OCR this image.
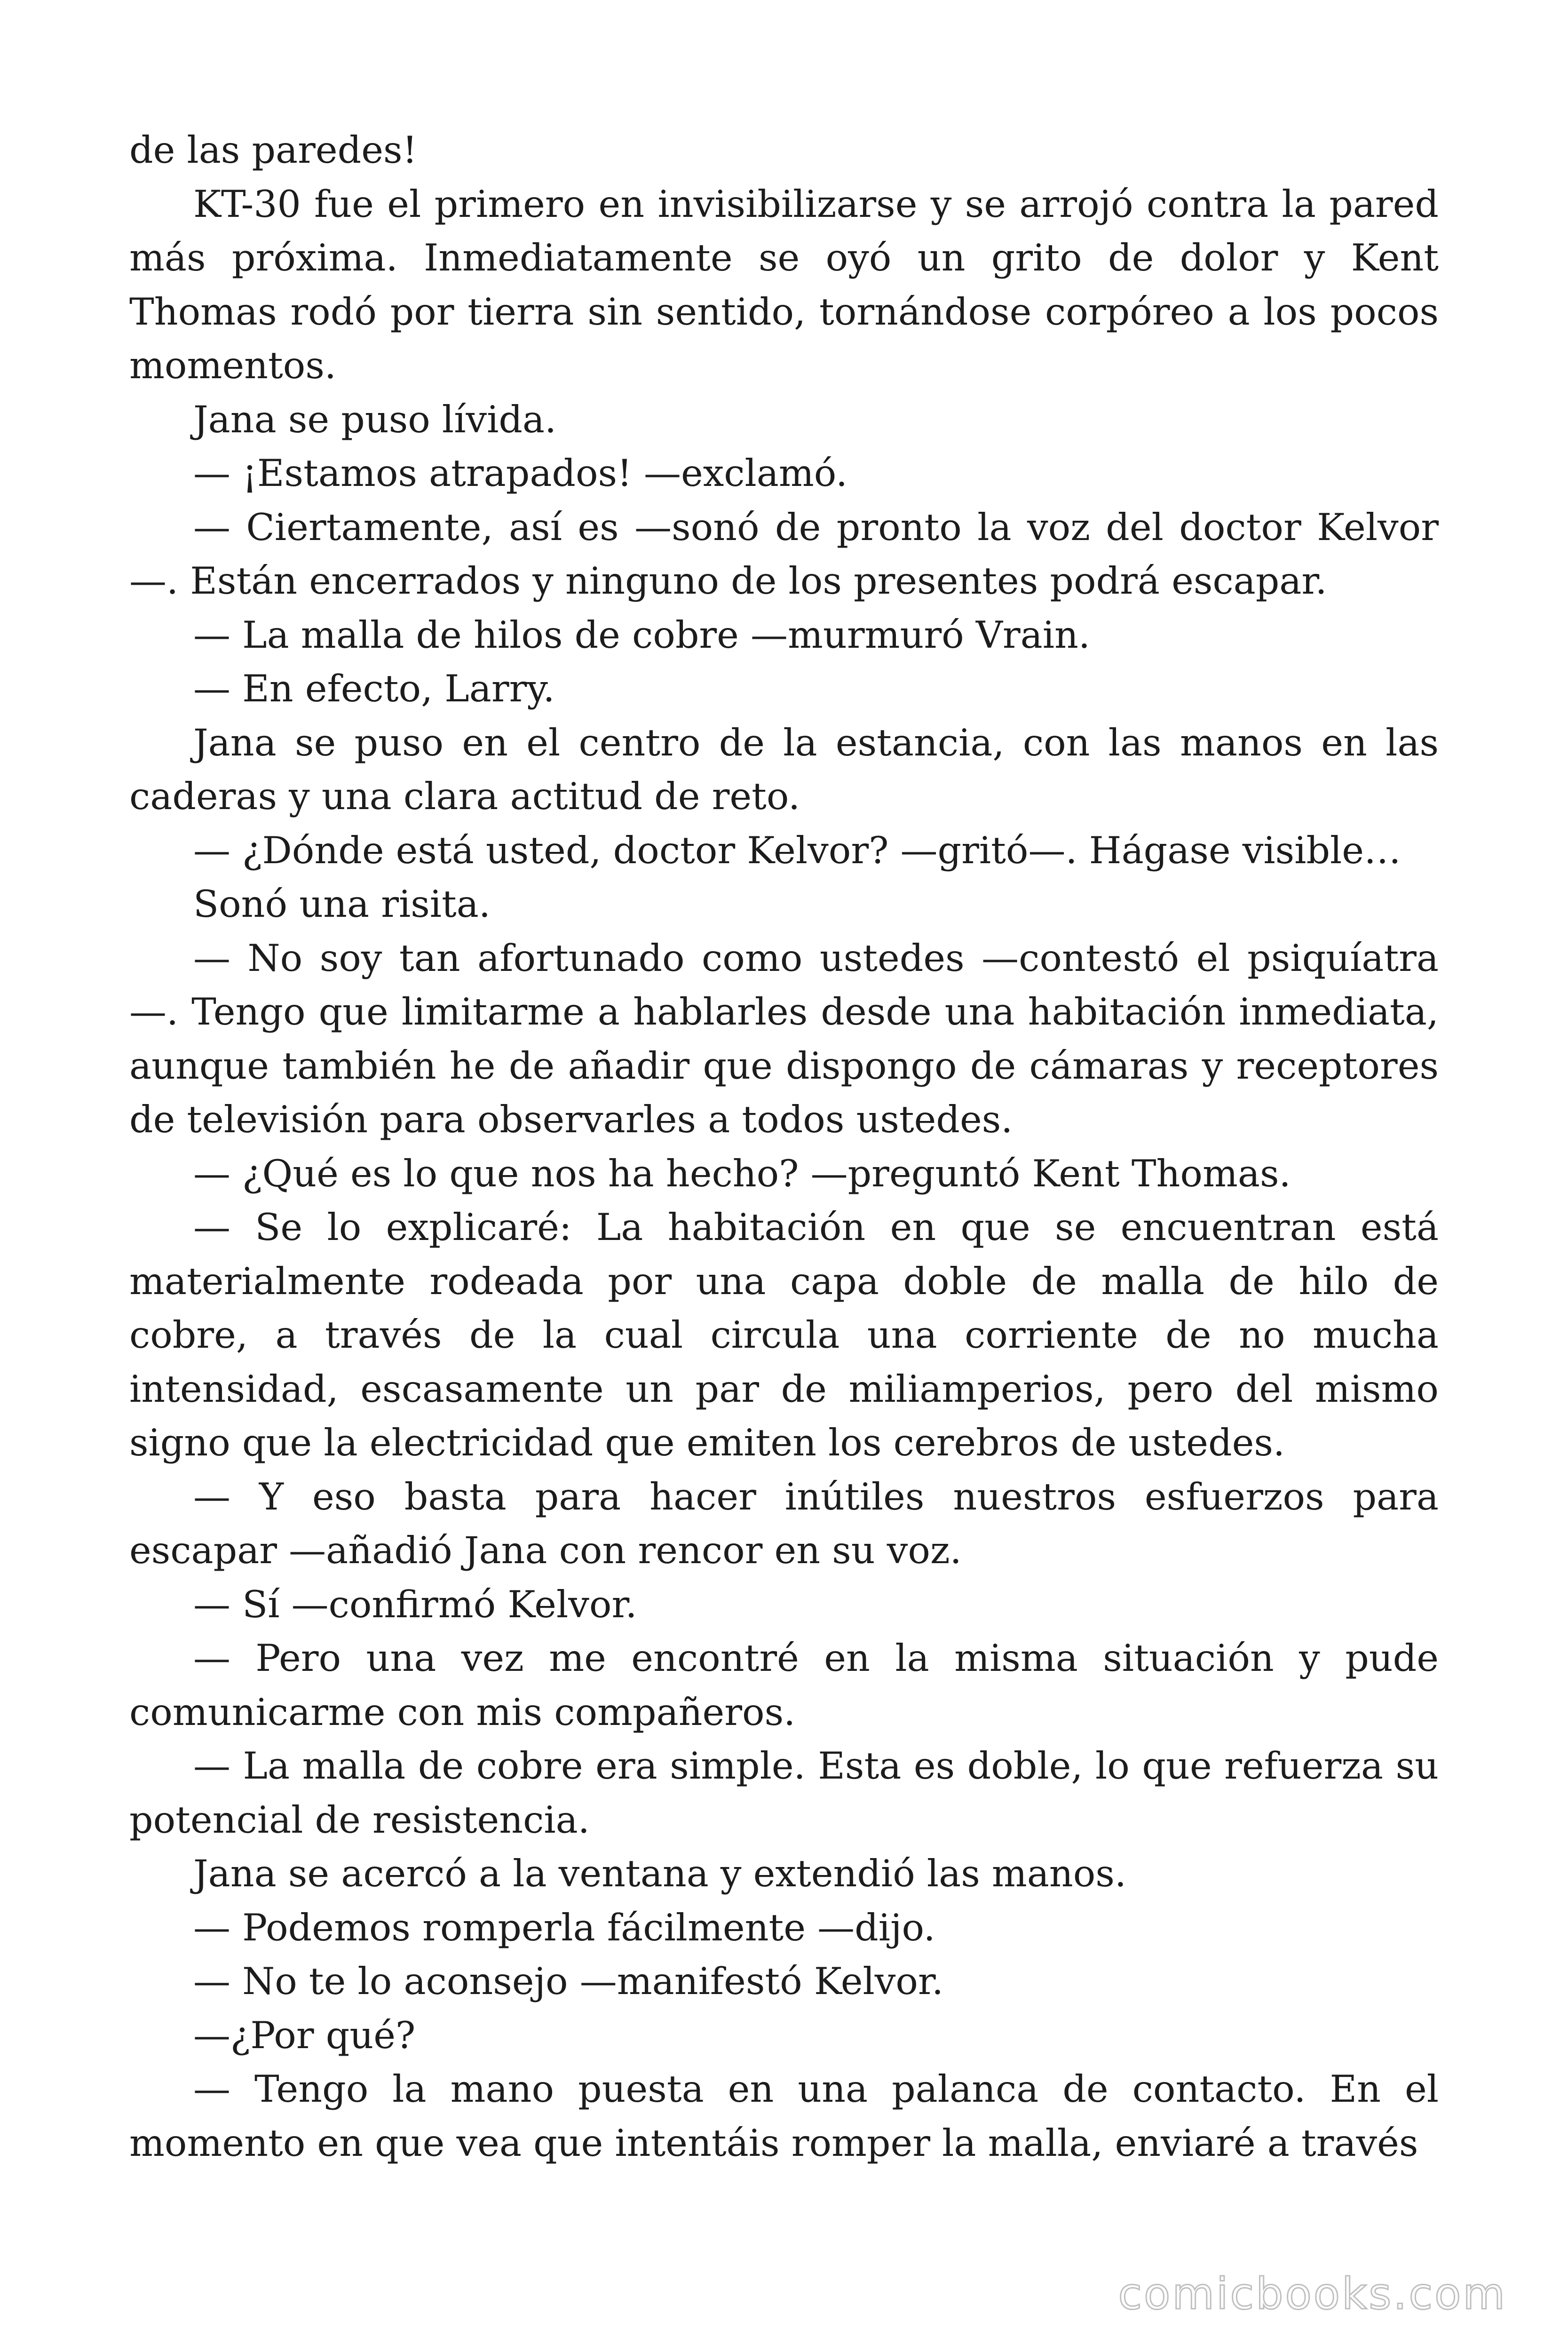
de las paredes!

KT-30 fue el primero en invisibilizarse y se arrojó contra la pared más próxima. Inmediatamente se oyó un grito de dolor y Kent Thomas rodó por tierra sin sentido, tornándose corpóreo a los pocos momentos.

Jana se puso lívida.

— ¡Estamos atrapados! —exclamó.

— Ciertamente, así es —sonó de pronto la voz del doctor Kelvor —. Están encerrados y ninguno de los presentes podrá escapar.

— La malla de hilos de cobre —murmuró Vrain.

— En efecto, Larry.

Jana se puso en el centro de la estancia, con las manos en las caderas y una clara actitud de reto.

— ¿Dónde está usted, doctor Kelvor? —gritó—. Hágase visible…

Sonó una risita.

— No soy tan afortunado como ustedes —contestó el psiquíatra —. Tengo que limitarme a hablarles desde una habitación inmediata, aunque también he de añadir que dispongo de cámaras y receptores de televisión para observarles a todos ustedes.

— ¿Qué es lo que nos ha hecho? —preguntó Kent Thomas.

— Se lo explicaré: La habitación en que se encuentran está materialmente rodeada por una capa doble de malla de hilo de cobre, a través de la cual circula una corriente de no mucha intensidad, escasamente un par de miliamperios, pero del mismo signo que la electricidad que emiten los cerebros de ustedes.

— Y eso basta para hacer inútiles nuestros esfuerzos para escapar —añadió Jana con rencor en su voz.

— Sí —confirmó Kelvor.

— Pero una vez me encontré en la misma situación y pude comunicarme con mis compañeros.

— La malla de cobre era simple. Esta es doble, lo que refuerza su potencial de resistencia.

Jana se acercó a la ventana y extendió las manos.

— Podemos romperla fácilmente —dijo.

— No te lo aconsejo —manifestó Kelvor.

—¿Por qué?

— Tengo la mano puesta en una palanca de contacto. En el momento en que vea que intentáis romper la malla, enviaré a través

comicbooks.com
